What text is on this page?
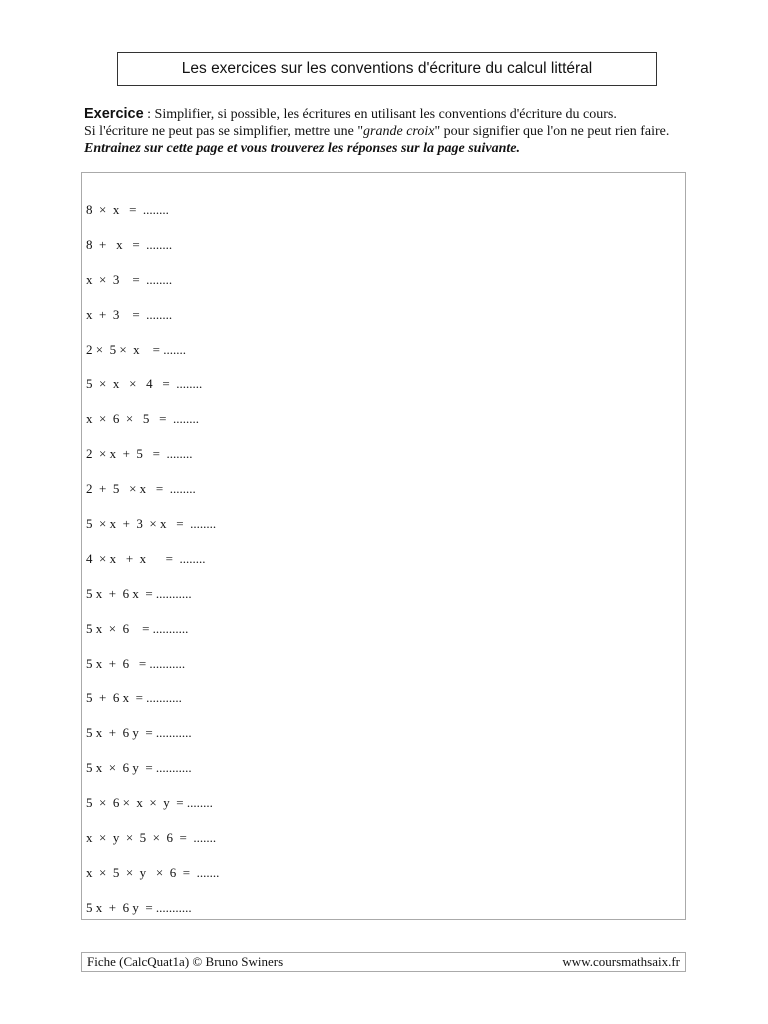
Les exercices sur les conventions d'écriture du calcul littéral
Exercice : Simplifier, si possible, les écritures en utilisant les conventions d'écriture du cours.
Si l'écriture ne peut pas se simplifier, mettre une "grande croix" pour signifier que l'on ne peut rien faire.
Entrainez sur cette page et vous trouverez les réponses sur la page suivante.
8  ×  x   =  ........
8  +   x   =  ........
x  ×  3    =  ........
x  +  3    =  ........
2 ×  5 ×  x    = .......
5  ×  x   ×   4   =  ........
x  ×  6  ×   5   =  ........
2  × x  +  5   =  ........
2  +  5   × x   =  ........
5  × x  +  3  × x   =  ........
4  × x   +  x      =  ........
5 x  +  6 x  = ...........
5 x  ×  6    = ...........
5 x  +  6   = ...........
5  +  6 x  = ...........
5 x  +  6 y  = ...........
5 x  ×  6 y  = ...........
5  ×  6 ×  x  ×  y  = ........
x  ×  y  ×  5  ×  6  =  .......
x  ×  5  ×  y   ×  6  =  .......
5 x  +  6 y  = ...........
Fiche (CalcQuat1a) © Bruno Swiners	www.coursmathsaix.fr
